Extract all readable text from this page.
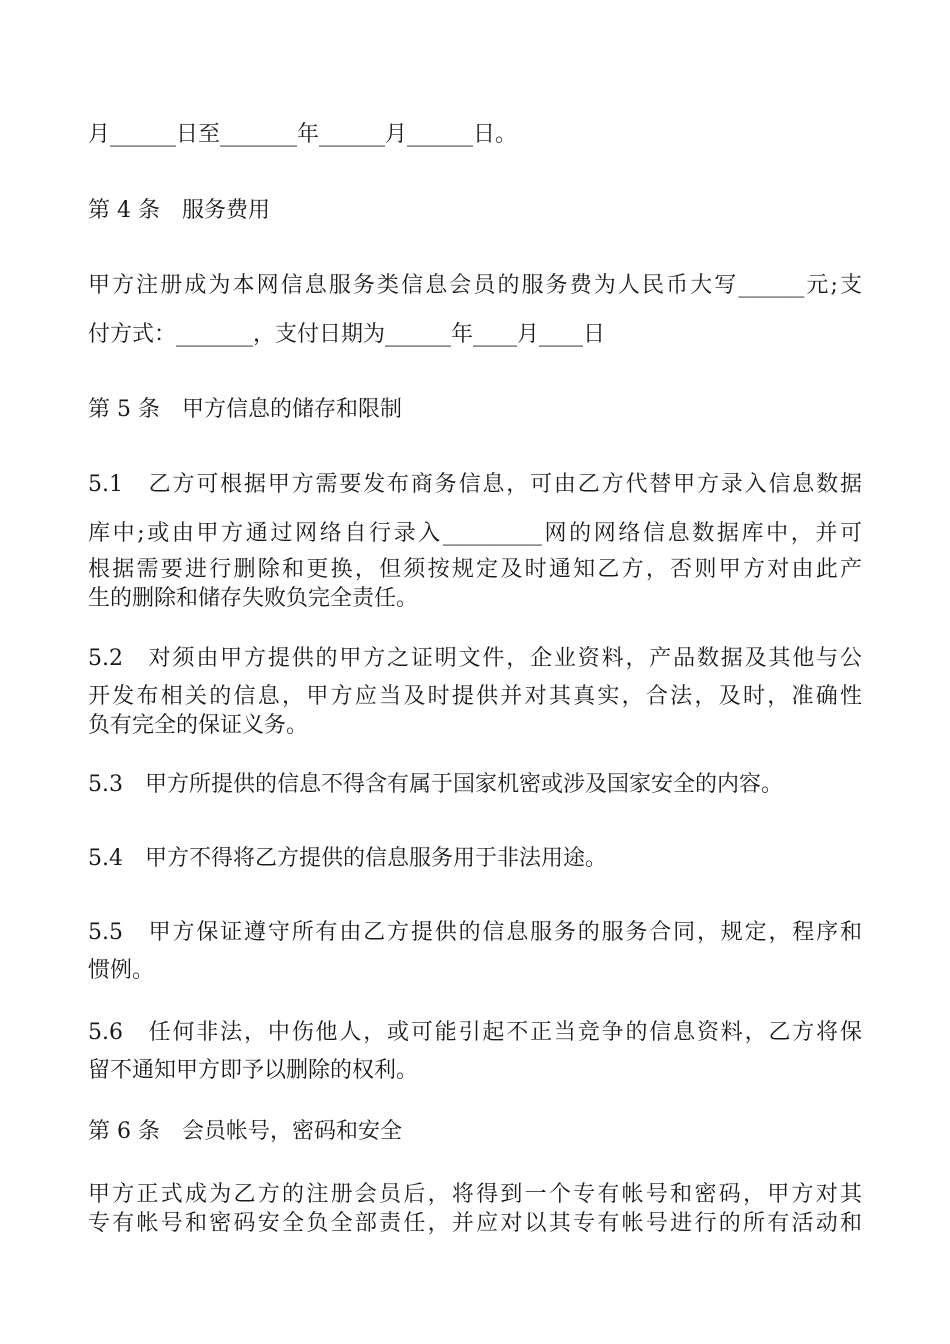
月______日至_______年______月______日。
第 4 条　服务费用
甲方注册成为本网信息服务类信息会员的服务费为人民币大写______元;支
付方式：_______，支付日期为______年____月____日
第 5 条　甲方信息的储存和限制
5.1　乙方可根据甲方需要发布商务信息，可由乙方代替甲方录入信息数据
库中;或由甲方通过网络自行录入_________网的网络信息数据库中，并可
根据需要进行删除和更换，但须按规定及时通知乙方，否则甲方对由此产
生的删除和储存失败负完全责任。
5.2　对须由甲方提供的甲方之证明文件，企业资料，产品数据及其他与公
开发布相关的信息，甲方应当及时提供并对其真实，合法，及时，准确性
负有完全的保证义务。
5.3　甲方所提供的信息不得含有属于国家机密或涉及国家安全的内容。
5.4　甲方不得将乙方提供的信息服务用于非法用途。
5.5　甲方保证遵守所有由乙方提供的信息服务的服务合同，规定，程序和
惯例。
5.6　任何非法，中伤他人，或可能引起不正当竞争的信息资料，乙方将保
留不通知甲方即予以删除的权利。
第 6 条　会员帐号，密码和安全
甲方正式成为乙方的注册会员后，将得到一个专有帐号和密码，甲方对其
专有帐号和密码安全负全部责任，并应对以其专有帐号进行的所有活动和
